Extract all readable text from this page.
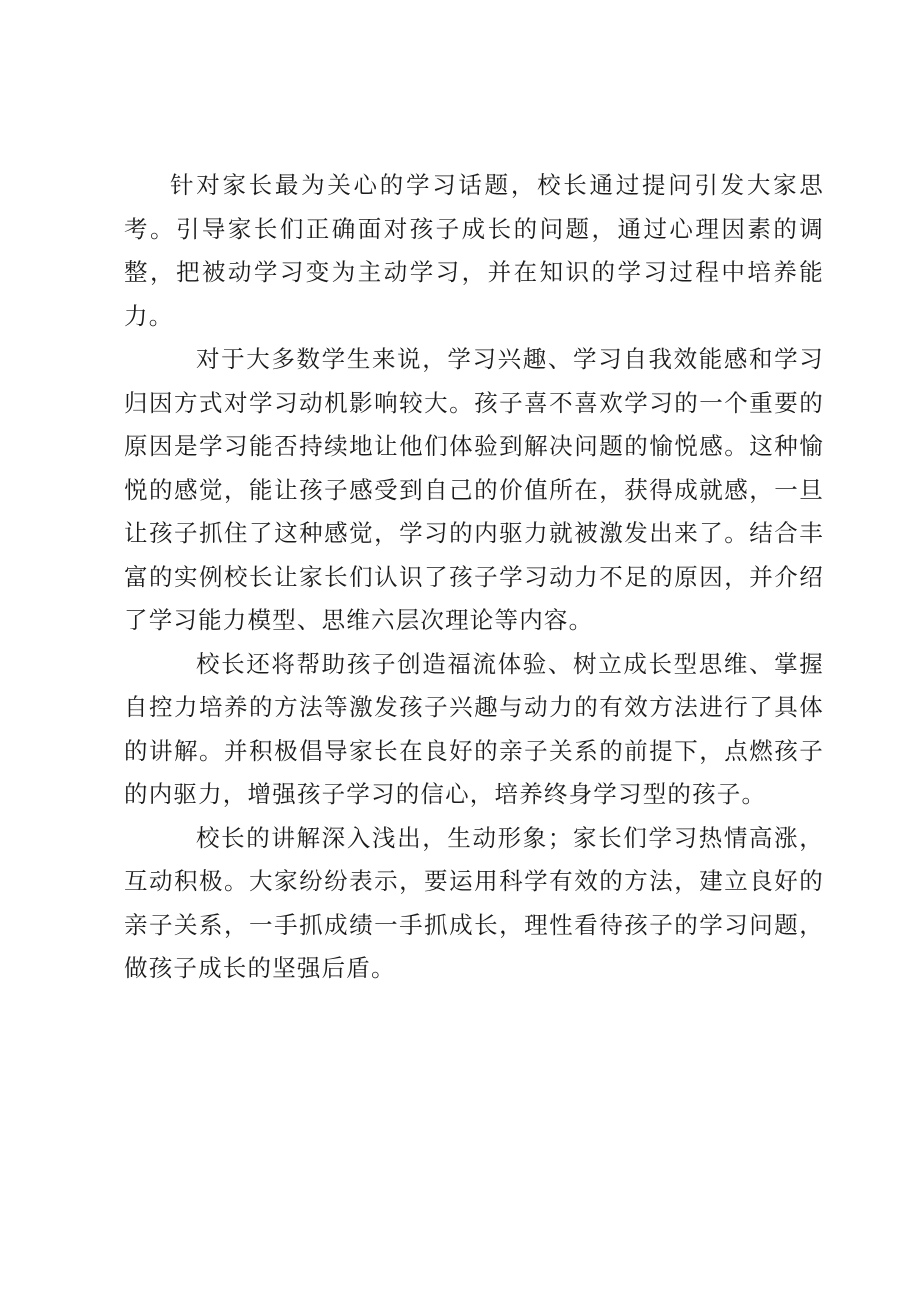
针对家长最为关心的学习话题，校长通过提问引发大家思考。引导家长们正确面对孩子成长的问题，通过心理因素的调整，把被动学习变为主动学习，并在知识的学习过程中培养能力。

对于大多数学生来说，学习兴趣、学习自我效能感和学习归因方式对学习动机影响较大。孩子喜不喜欢学习的一个重要的原因是学习能否持续地让他们体验到解决问题的愉悦感。这种愉悦的感觉，能让孩子感受到自己的价值所在，获得成就感，一旦让孩子抓住了这种感觉，学习的内驱力就被激发出来了。结合丰富的实例校长让家长们认识了孩子学习动力不足的原因，并介绍了学习能力模型、思维六层次理论等内容。

校长还将帮助孩子创造福流体验、树立成长型思维、掌握自控力培养的方法等激发孩子兴趣与动力的有效方法进行了具体的讲解。并积极倡导家长在良好的亲子关系的前提下，点燃孩子的内驱力，增强孩子学习的信心，培养终身学习型的孩子。

校长的讲解深入浅出，生动形象；家长们学习热情高涨，互动积极。大家纷纷表示，要运用科学有效的方法，建立良好的亲子关系，一手抓成绩一手抓成长，理性看待孩子的学习问题，做孩子成长的坚强后盾。
